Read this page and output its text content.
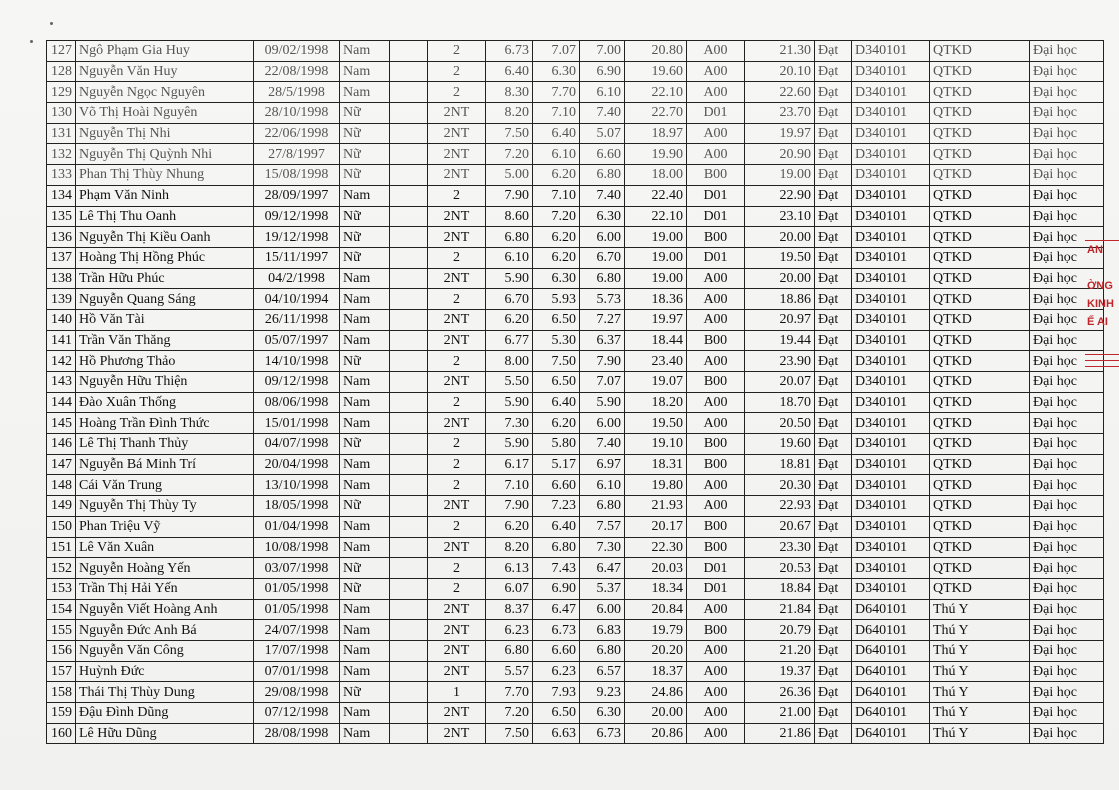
127	Ngô Phạm Gia Huy	09/02/1998	Nam		2	6.73	7.07	7.00	20.80	A00	21.30	Đạt	D340101	QTKD	Đại học
128	Nguyễn Văn Huy	22/08/1998	Nam		2	6.40	6.30	6.90	19.60	A00	20.10	Đạt	D340101	QTKD	Đại học
129	Nguyễn Ngọc Nguyên	28/5/1998	Nam		2	8.30	7.70	6.10	22.10	A00	22.60	Đạt	D340101	QTKD	Đại học
130	Võ Thị Hoài Nguyên	28/10/1998	Nữ		2NT	8.20	7.10	7.40	22.70	D01	23.70	Đạt	D340101	QTKD	Đại học
131	Nguyễn Thị Nhi	22/06/1998	Nữ		2NT	7.50	6.40	5.07	18.97	A00	19.97	Đạt	D340101	QTKD	Đại học
132	Nguyễn Thị Quỳnh Nhi	27/8/1997	Nữ		2NT	7.20	6.10	6.60	19.90	A00	20.90	Đạt	D340101	QTKD	Đại học
133	Phan Thị Thùy Nhung	15/08/1998	Nữ		2NT	5.00	6.20	6.80	18.00	B00	19.00	Đạt	D340101	QTKD	Đại học
134	Phạm Văn Ninh	28/09/1997	Nam		2	7.90	7.10	7.40	22.40	D01	22.90	Đạt	D340101	QTKD	Đại học
135	Lê Thị Thu Oanh	09/12/1998	Nữ		2NT	8.60	7.20	6.30	22.10	D01	23.10	Đạt	D340101	QTKD	Đại học
136	Nguyễn Thị Kiều Oanh	19/12/1998	Nữ		2NT	6.80	6.20	6.00	19.00	B00	20.00	Đạt	D340101	QTKD	Đại học
137	Hoàng Thị Hồng Phúc	15/11/1997	Nữ		2	6.10	6.20	6.70	19.00	D01	19.50	Đạt	D340101	QTKD	Đại học
138	Trần Hữu Phúc	04/2/1998	Nam		2NT	5.90	6.30	6.80	19.00	A00	20.00	Đạt	D340101	QTKD	Đại học
139	Nguyễn Quang Sáng	04/10/1994	Nam		2	6.70	5.93	5.73	18.36	A00	18.86	Đạt	D340101	QTKD	Đại học
140	Hồ Văn Tài	26/11/1998	Nam		2NT	6.20	6.50	7.27	19.97	A00	20.97	Đạt	D340101	QTKD	Đại học
141	Trần Văn Thăng	05/07/1997	Nam		2NT	6.77	5.30	6.37	18.44	B00	19.44	Đạt	D340101	QTKD	Đại học
142	Hồ Phương Thảo	14/10/1998	Nữ		2	8.00	7.50	7.90	23.40	A00	23.90	Đạt	D340101	QTKD	Đại học
143	Nguyễn Hữu Thiện	09/12/1998	Nam		2NT	5.50	6.50	7.07	19.07	B00	20.07	Đạt	D340101	QTKD	Đại học
144	Đào Xuân Thống	08/06/1998	Nam		2	5.90	6.40	5.90	18.20	A00	18.70	Đạt	D340101	QTKD	Đại học
145	Hoàng Trần Đình Thức	15/01/1998	Nam		2NT	7.30	6.20	6.00	19.50	A00	20.50	Đạt	D340101	QTKD	Đại học
146	Lê Thị Thanh Thủy	04/07/1998	Nữ		2	5.90	5.80	7.40	19.10	B00	19.60	Đạt	D340101	QTKD	Đại học
147	Nguyễn Bá Minh Trí	20/04/1998	Nam		2	6.17	5.17	6.97	18.31	B00	18.81	Đạt	D340101	QTKD	Đại học
148	Cái Văn Trung	13/10/1998	Nam		2	7.10	6.60	6.10	19.80	A00	20.30	Đạt	D340101	QTKD	Đại học
149	Nguyễn Thị Thùy Ty	18/05/1998	Nữ		2NT	7.90	7.23	6.80	21.93	A00	22.93	Đạt	D340101	QTKD	Đại học
150	Phan Triệu Vỹ	01/04/1998	Nam		2	6.20	6.40	7.57	20.17	B00	20.67	Đạt	D340101	QTKD	Đại học
151	Lê Văn Xuân	10/08/1998	Nam		2NT	8.20	6.80	7.30	22.30	B00	23.30	Đạt	D340101	QTKD	Đại học
152	Nguyễn Hoàng Yến	03/07/1998	Nữ		2	6.13	7.43	6.47	20.03	D01	20.53	Đạt	D340101	QTKD	Đại học
153	Trần Thị Hải Yến	01/05/1998	Nữ		2	6.07	6.90	5.37	18.34	D01	18.84	Đạt	D340101	QTKD	Đại học
154	Nguyễn Viết Hoàng Anh	01/05/1998	Nam		2NT	8.37	6.47	6.00	20.84	A00	21.84	Đạt	D640101	Thú Y	Đại học
155	Nguyễn Đức Anh Bá	24/07/1998	Nam		2NT	6.23	6.73	6.83	19.79	B00	20.79	Đạt	D640101	Thú Y	Đại học
156	Nguyễn Văn Công	17/07/1998	Nam		2NT	6.80	6.60	6.80	20.20	A00	21.20	Đạt	D640101	Thú Y	Đại học
157	Huỳnh Đức	07/01/1998	Nam		2NT	5.57	6.23	6.57	18.37	A00	19.37	Đạt	D640101	Thú Y	Đại học
158	Thái Thị Thùy Dung	29/08/1998	Nữ		1	7.70	7.93	9.23	24.86	A00	26.36	Đạt	D640101	Thú Y	Đại học
159	Đậu Đình Dũng	07/12/1998	Nam		2NT	7.20	6.50	6.30	20.00	A00	21.00	Đạt	D640101	Thú Y	Đại học
160	Lê Hữu Dũng	28/08/1998	Nam		2NT	7.50	6.63	6.73	20.86	A00	21.86	Đạt	D640101	Thú Y	Đại học
AN
ỜNG
KINH
Ế AI
